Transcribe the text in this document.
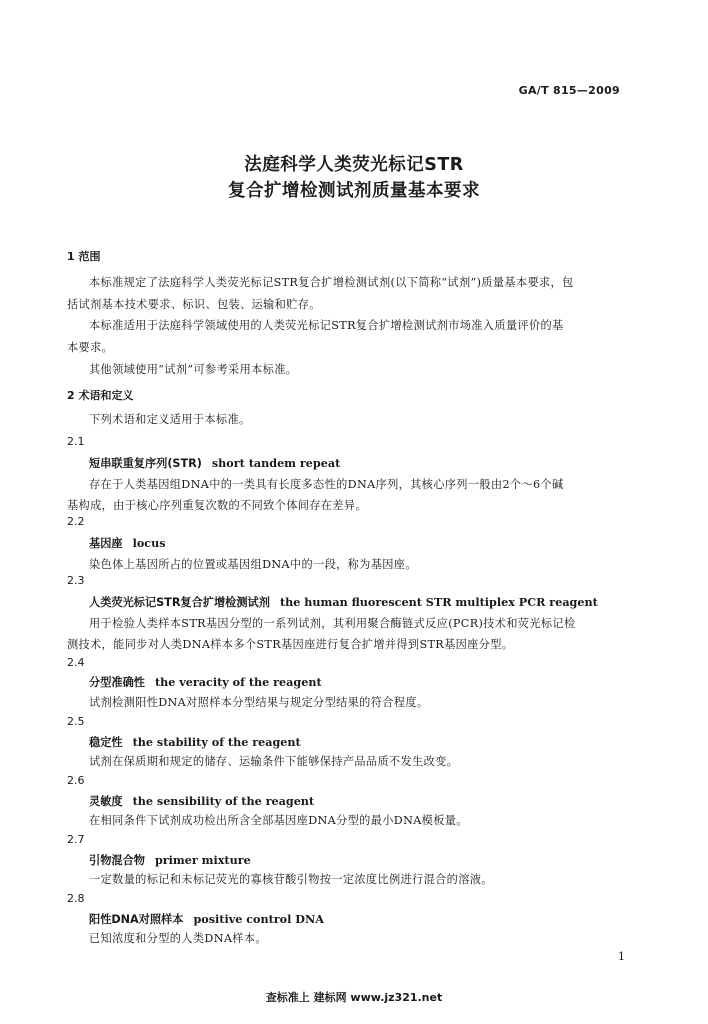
GA/T 815—2009
法庭科学人类荧光标记STR
复合扩增检测试剂质量基本要求
1 范围
本标准规定了法庭科学人类荧光标记STR复合扩增检测试剂(以下简称“试剂”)质量基本要求，包
括试剂基本技术要求、标识、包装、运输和贮存。
本标准适用于法庭科学领域使用的人类荧光标记STR复合扩增检测试剂市场准入质量评价的基
本要求。
其他领域使用“试剂”可参考采用本标准。
2 术语和定义
下列术语和定义适用于本标准。
2.1
短串联重复序列(STR) short tandem repeat
存在于人类基因组DNA中的一类具有长度多态性的DNA序列，其核心序列一般由2个～6个碱
基构成，由于核心序列重复次数的不同致个体间存在差异。
2.2
基因座 locus
染色体上基因所占的位置或基因组DNA中的一段，称为基因座。
2.3
人类荧光标记STR复合扩增检测试剂 the human fluorescent STR multiplex PCR reagent
用于检验人类样本STR基因分型的一系列试剂，其利用聚合酶链式反应(PCR)技术和荧光标记检
测技术，能同步对人类DNA样本多个STR基因座进行复合扩增并得到STR基因座分型。
2.4
分型准确性 the veracity of the reagent
试剂检测阳性DNA对照样本分型结果与规定分型结果的符合程度。
2.5
稳定性 the stability of the reagent
试剂在保质期和规定的储存、运输条件下能够保持产品品质不发生改变。
2.6
灵敏度 the sensibility of the reagent
在相同条件下试剂成功检出所含全部基因座DNA分型的最小DNA模板量。
2.7
引物混合物 primer mixture
一定数量的标记和未标记荧光的寡核苷酸引物按一定浓度比例进行混合的溶液。
2.8
阳性DNA对照样本 positive control DNA
已知浓度和分型的人类DNA样本。
1
查标准上 建标网 www.jz321.net
